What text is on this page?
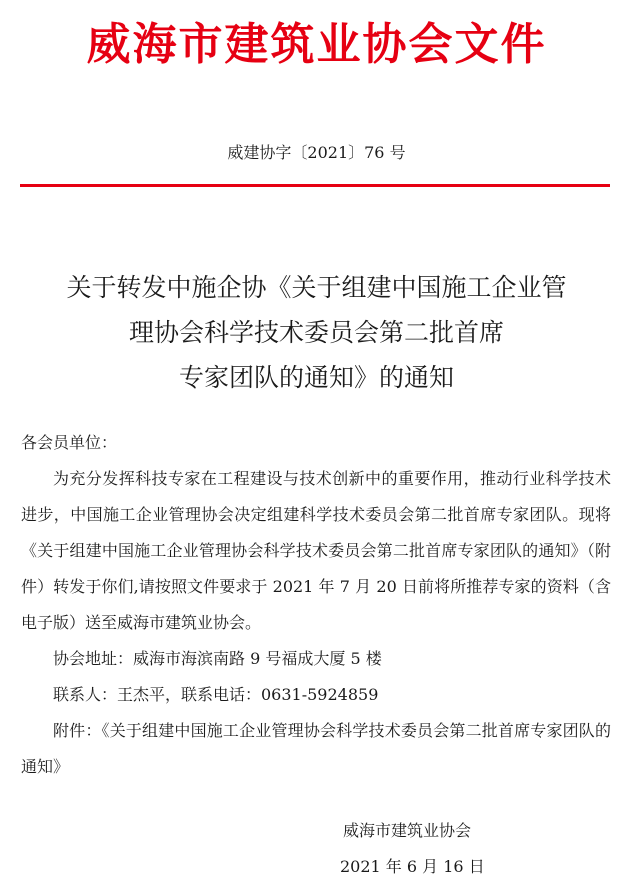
威海市建筑业协会文件
威建协字〔2021〕76 号
关于转发中施企协《关于组建中国施工企业管
理协会科学技术委员会第二批首席
专家团队的通知》的通知

各会员单位：

为充分发挥科技专家在工程建设与技术创新中的重要作用，推动行业科学技术进步，中国施工企业管理协会决定组建科学技术委员会第二批首席专家团队。现将《关于组建中国施工企业管理协会科学技术委员会第二批首席专家团队的通知》（附件）转发于你们,请按照文件要求于 2021 年 7 月 20 日前将所推荐专家的资料（含电子版）送至威海市建筑业协会。

协会地址：威海市海滨南路 9 号福成大厦 5 楼

联系人：王杰平，联系电话：0631-5924859

附件：《关于组建中国施工企业管理协会科学技术委员会第二批首席专家团队的通知》

威海市建筑业协会
2021 年 6 月 16 日
